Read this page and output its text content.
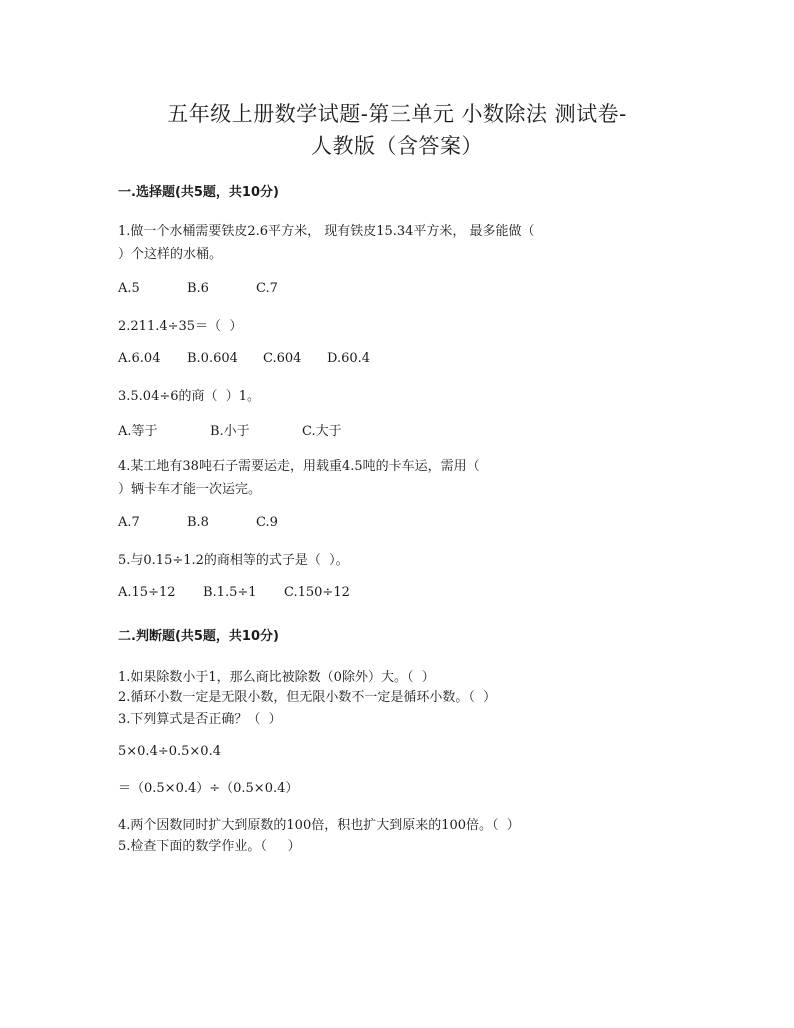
五年级上册数学试题-第三单元 小数除法 测试卷-
人教版（含答案）
一.选择题(共5题，共10分)
1.做一个水桶需要铁皮2.6平方米， 现有铁皮15.34平方米， 最多能做（
）个这样的水桶。
A.5	B.6	C.7
2.211.4÷35＝（  ）
A.6.04 B.0.604 C.604 D.60.4
3.5.04÷6的商（  ）1。
A.等于	B.小于	C.大于
4.某工地有38吨石子需要运走，用载重4.5吨的卡车运，需用（
）辆卡车才能一次运完。
A.7	B.8	C.9
5.与0.15÷1.2的商相等的式子是（  ）。
A.15÷12 B.1.5÷1 C.150÷12
二.判断题(共5题，共10分)
1.如果除数小于1，那么商比被除数（0除外）大。（  ）
2.循环小数一定是无限小数，但无限小数不一定是循环小数。（  ）
3.下列算式是否正确？（  ）
5×0.4÷0.5×0.4
＝（0.5×0.4）÷（0.5×0.4）
4.两个因数同时扩大到原数的100倍，积也扩大到原来的100倍。（  ）
5.检查下面的数学作业。（     ）
